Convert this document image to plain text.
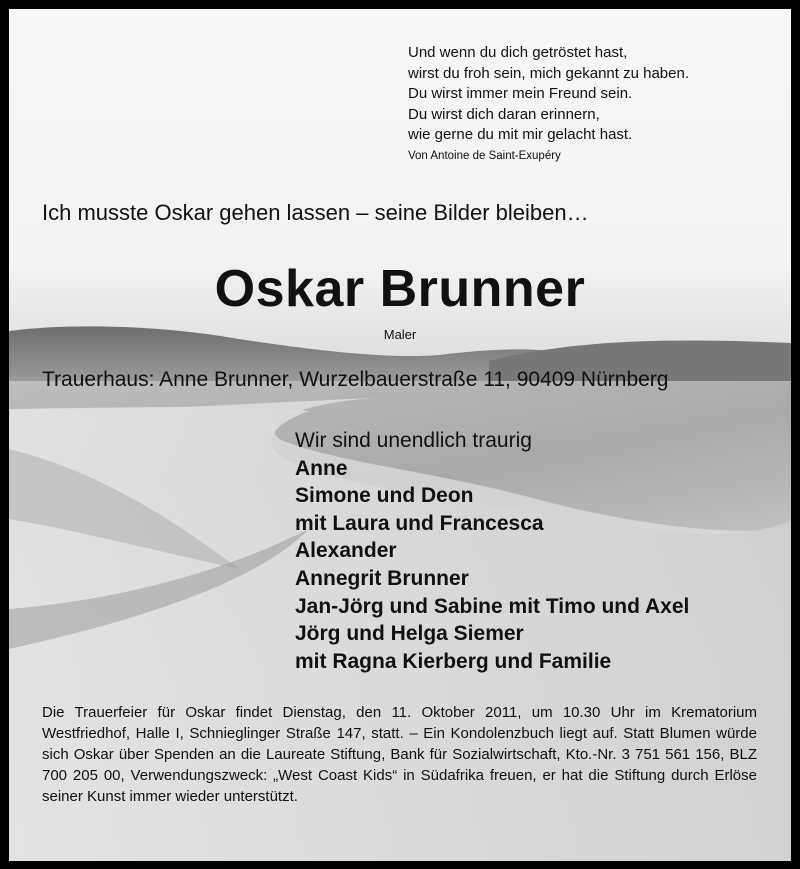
Und wenn du dich getröstet hast,
wirst du froh sein, mich gekannt zu haben.
Du wirst immer mein Freund sein.
Du wirst dich daran erinnern,
wie gerne du mit mir gelacht hast.
Von Antoine de Saint-Exupéry
Ich musste Oskar gehen lassen – seine Bilder bleiben…
Oskar Brunner
Maler
Trauerhaus: Anne Brunner, Wurzelbauerstraße 11, 90409 Nürnberg
Wir sind unendlich traurig
Anne
Simone und Deon
mit Laura und Francesca
Alexander
Annegrit Brunner
Jan-Jörg und Sabine mit Timo und Axel
Jörg und Helga Siemer
mit Ragna Kierberg und Familie
Die Trauerfeier für Oskar findet Dienstag, den 11. Oktober 2011, um 10.30 Uhr im Krematorium Westfriedhof, Halle I, Schnieglinger Straße 147, statt. – Ein Kondolenzbuch liegt auf. Statt Blumen würde sich Oskar über Spenden an die Laureate Stiftung, Bank für Sozialwirtschaft, Kto.-Nr. 3 751 561 156, BLZ 700 205 00, Verwendungszweck: „West Coast Kids“ in Südafrika freuen, er hat die Stiftung durch Erlöse seiner Kunst immer wieder unterstützt.
